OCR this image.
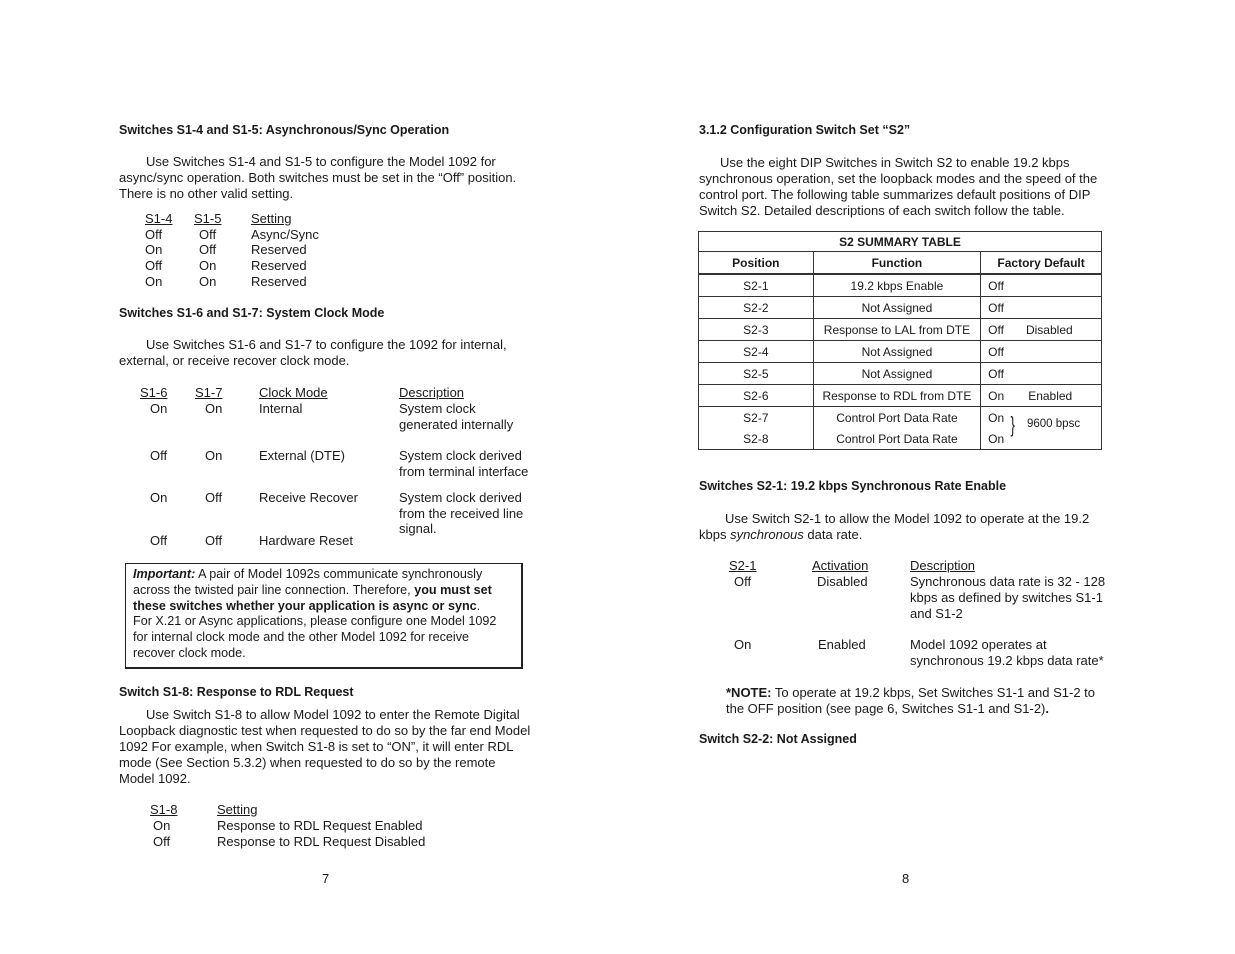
Switches S1-4 and S1-5: Asynchronous/Sync Operation
Use Switches S1-4 and S1-5 to configure the Model 1092 for
async/sync operation. Both switches must be set in the “Off” position.
There is no other valid setting.
S1-4 S1-5 Setting
Off	Off	Async/Sync
On	Off	Reserved
Off	On	Reserved
On	On	Reserved
Switches S1-6 and S1-7: System Clock Mode
Use Switches S1-6 and S1-7 to configure the 1092 for internal,
external, or receive recover clock mode.
S1-6 S1-7	Clock Mode	Description
On	On	Internal	System clock
generated internally
Off	On	External (DTE)	System clock derived
from terminal interface
On	Off	Receive Recover	System clock derived
from the received line
signal.
Off	Off	Hardware Reset
Important: A pair of Model 1092s communicate synchronously
across the twisted pair line connection. Therefore, you must set
these switches whether your application is async or sync.
For X.21 or Async applications, please configure one Model 1092
for internal clock mode and the other Model 1092 for receive
recover clock mode.
Switch S1-8: Response to RDL Request
Use Switch S1-8 to allow Model 1092 to enter the Remote Digital
Loopback diagnostic test when requested to do so by the far end Model
1092 For example, when Switch S1-8 is set to “ON”, it will enter RDL
mode (See Section 5.3.2) when requested to do so by the remote
Model 1092.
S1-8	Setting
On	Response to RDL Request Enabled
Off	Response to RDL Request Disabled
7
3.1.2 Configuration Switch Set “S2”
Use the eight DIP Switches in Switch S2 to enable 19.2 kbps
synchronous operation, set the loopback modes and the speed of the
control port. The following table summarizes default positions of DIP
Switch S2. Detailed descriptions of each switch follow the table.
S2 SUMMARY TABLE		
Position	Function	Factory Default
S2-1	19.2 kbps Enable	Off
S2-2	Not Assigned	Off
S2-3	Response to LAL from DTE	Off Disabled
S2-4	Not Assigned	Off
S2-5	Not Assigned	Off
S2-6	Response to RDL from DTE	On Enabled
S2-7	Control Port Data Rate	On
S2-8	Control Port Data Rate	On
} 9600 bpsc
Switches S2-1: 19.2 kbps Synchronous Rate Enable
Use Switch S2-1 to allow the Model 1092 to operate at the 19.2
kbps synchronous data rate.
S2-1	Activation	Description
Off	Disabled	Synchronous data rate is 32 - 128
kbps as defined by switches S1-1
and S1-2
On	Enabled	Model 1092 operates at
synchronous 19.2 kbps data rate*
*NOTE: To operate at 19.2 kbps, Set Switches S1-1 and S1-2 to
the OFF position (see page 6, Switches S1-1 and S1-2).
Switch S2-2: Not Assigned
8
